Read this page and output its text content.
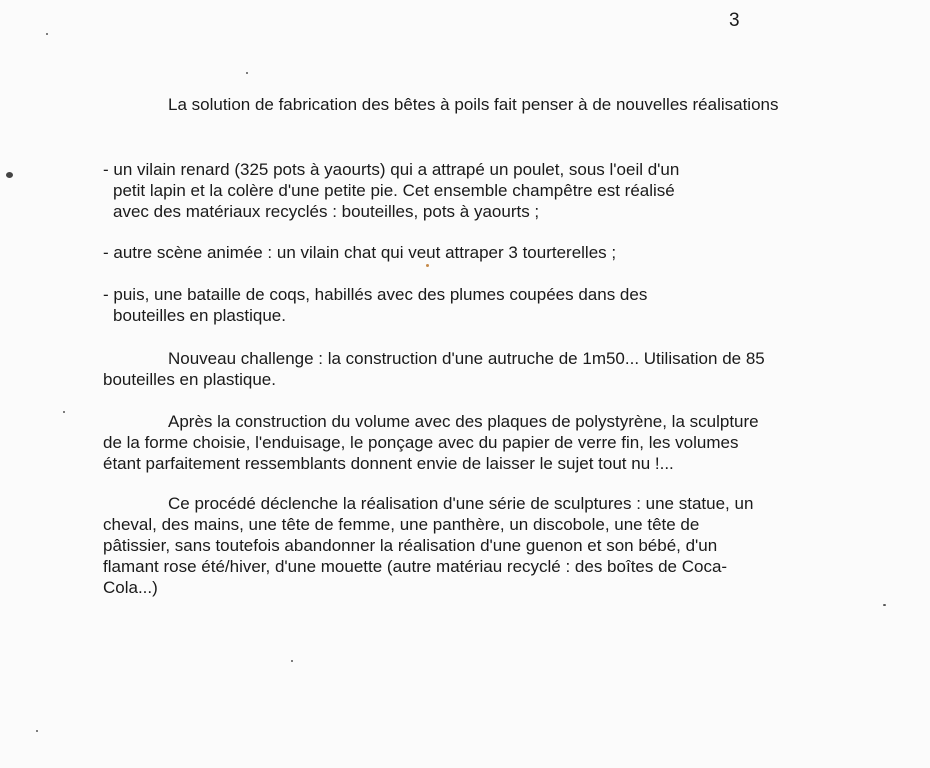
3

La solution de fabrication des bêtes à poils fait penser à de nouvelles réalisations

- un vilain renard (325 pots à yaourts) qui a attrapé un poulet, sous l'oeil d'un
petit lapin et la colère d'une petite pie. Cet ensemble champêtre est réalisé
avec des matériaux recyclés : bouteilles, pots à yaourts ;

- autre scène animée : un vilain chat qui veut attraper 3 tourterelles ;

- puis, une bataille de coqs, habillés avec des plumes coupées dans des
bouteilles en plastique.

Nouveau challenge : la construction d'une autruche de 1m50... Utilisation de 85
bouteilles en plastique.

Après la construction du volume avec des plaques de polystyrène, la sculpture
de la forme choisie, l'enduisage, le ponçage avec du papier de verre fin, les volumes
étant parfaitement ressemblants donnent envie de laisser le sujet tout nu !...

Ce procédé déclenche la réalisation d'une série de sculptures : une statue, un
cheval, des mains, une tête de femme, une panthère, un discobole, une tête de
pâtissier, sans toutefois abandonner la réalisation d'une guenon et son bébé, d'un
flamant rose été/hiver, d'une mouette (autre matériau recyclé : des boîtes de Coca-
Cola...)
